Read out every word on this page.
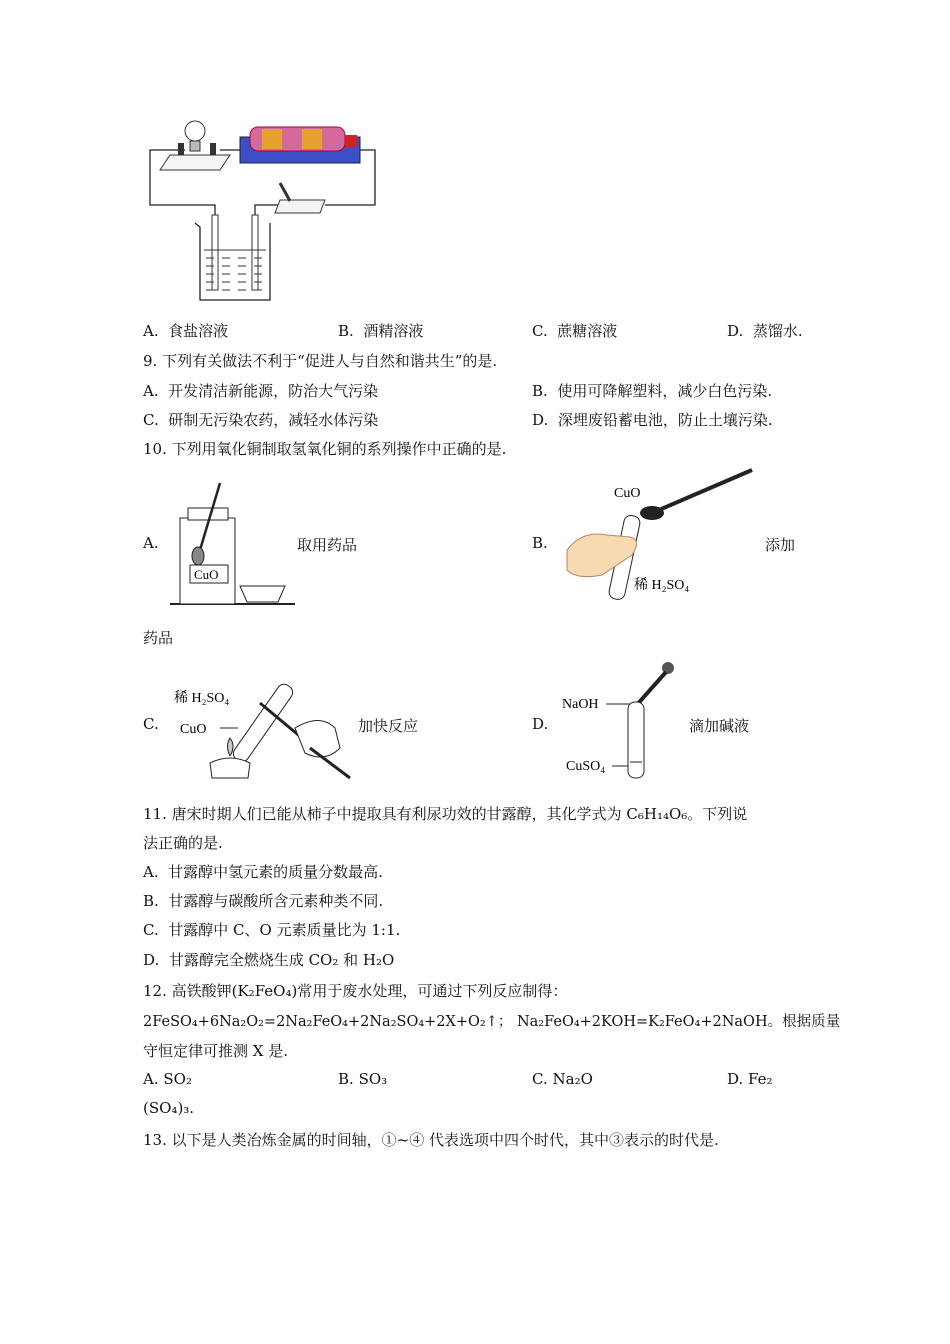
A. 食盐溶液	B. 酒精溶液	C. 蔗糖溶液	D. 蒸馏水.
9. 下列有关做法不利于“促进人与自然和谐共生”的是.
A. 开发清洁新能源，防治大气污染	B. 使用可降解塑料，减少白色污染.
C. 研制无污染农药，减轻水体污染	D. 深埋废铅蓄电池，防止土壤污染.
10. 下列用氧化铜制取氢氧化铜的系列操作中正确的是.
A.
CuO
取用药品	B.
CuO
稀 H₂SO₄
添加
药品
C.
稀 H₂SO₄
CuO	加快反应	D.
NaOH
CuSO₄
滴加碱液
11. 唐宋时期人们已能从柿子中提取具有利尿功效的甘露醇，其化学式为 C₆H₁₄O₆。下列说
法正确的是.
A. 甘露醇中氢元素的质量分数最高.
B. 甘露醇与碳酸所含元素种类不同.
C. 甘露醇中 C、O 元素质量比为 1:1.
D. 甘露醇完全燃烧生成 CO₂ 和 H₂O
12. 高铁酸钾(K₂FeO₄)常用于废水处理，可通过下列反应制得：
2FeSO₄+6Na₂O₂=2Na₂FeO₄+2Na₂SO₄+2X+O₂↑； Na₂FeO₄+2KOH=K₂FeO₄+2NaOH。根据质量
守恒定律可推测 X 是.
A. SO₂	B. SO₃	C. Na₂O	D. Fe₂
(SO₄)₃.
13. 以下是人类冶炼金属的时间轴，①~④ 代表选项中四个时代，其中③表示的时代是.
